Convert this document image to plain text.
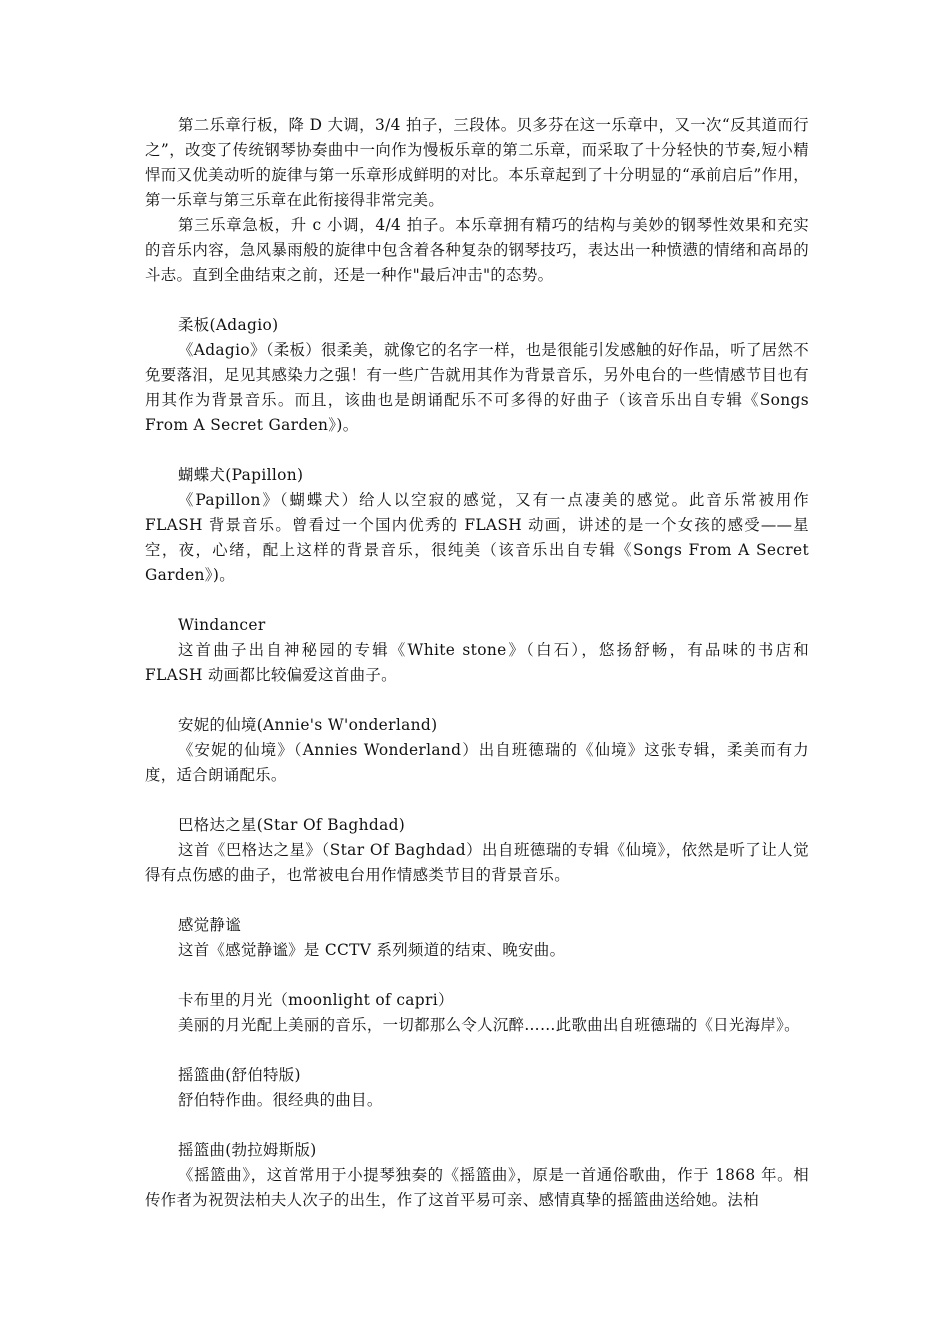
第二乐章行板，降 D 大调，3/4 拍子，三段体。贝多芬在这一乐章中，又一次“反其道而行之”，改变了传统钢琴协奏曲中一向作为慢板乐章的第二乐章，而采取了十分轻快的节奏,短小精悍而又优美动听的旋律与第一乐章形成鲜明的对比。本乐章起到了十分明显的“承前启后”作用，第一乐章与第三乐章在此衔接得非常完美。

第三乐章急板，升 c 小调，4/4 拍子。本乐章拥有精巧的结构与美妙的钢琴性效果和充实的音乐内容，急风暴雨般的旋律中包含着各种复杂的钢琴技巧，表达出一种愤懑的情绪和高昂的斗志。直到全曲结束之前，还是一种作"最后冲击"的态势。

柔板(Adagio)

《Adagio》（柔板）很柔美，就像它的名字一样，也是很能引发感触的好作品，听了居然不免要落泪，足见其感染力之强！有一些广告就用其作为背景音乐，另外电台的一些情感节目也有用其作为背景音乐。而且，该曲也是朗诵配乐不可多得的好曲子（该音乐出自专辑《Songs From A Secret Garden》)。

蝴蝶犬(Papillon)

《Papillon》（蝴蝶犬）给人以空寂的感觉，又有一点凄美的感觉。此音乐常被用作 FLASH 背景音乐。曾看过一个国内优秀的 FLASH 动画，讲述的是一个女孩的感受——星空，夜，心绪，配上这样的背景音乐，很纯美（该音乐出自专辑《Songs From A Secret Garden》)。

Windancer

这首曲子出自神秘园的专辑《White stone》（白石），悠扬舒畅，有品味的书店和 FLASH 动画都比较偏爱这首曲子。

安妮的仙境(Annie's W'onderland)

《安妮的仙境》（Annies Wonderland）出自班德瑞的《仙境》这张专辑，柔美而有力度，适合朗诵配乐。

巴格达之星(Star Of Baghdad)

这首《巴格达之星》（Star Of Baghdad）出自班德瑞的专辑《仙境》，依然是听了让人觉得有点伤感的曲子，也常被电台用作情感类节目的背景音乐。

感觉静谧

这首《感觉静谧》是 CCTV 系列频道的结束、晚安曲。

卡布里的月光（moonlight of capri）

美丽的月光配上美丽的音乐，一切都那么令人沉醉……此歌曲出自班德瑞的《日光海岸》。

摇篮曲(舒伯特版)

舒伯特作曲。很经典的曲目。

摇篮曲(勃拉姆斯版)

《摇篮曲》，这首常用于小提琴独奏的《摇篮曲》，原是一首通俗歌曲，作于 1868 年。相传作者为祝贺法柏夫人次子的出生，作了这首平易可亲、感情真挚的摇篮曲送给她。法柏
